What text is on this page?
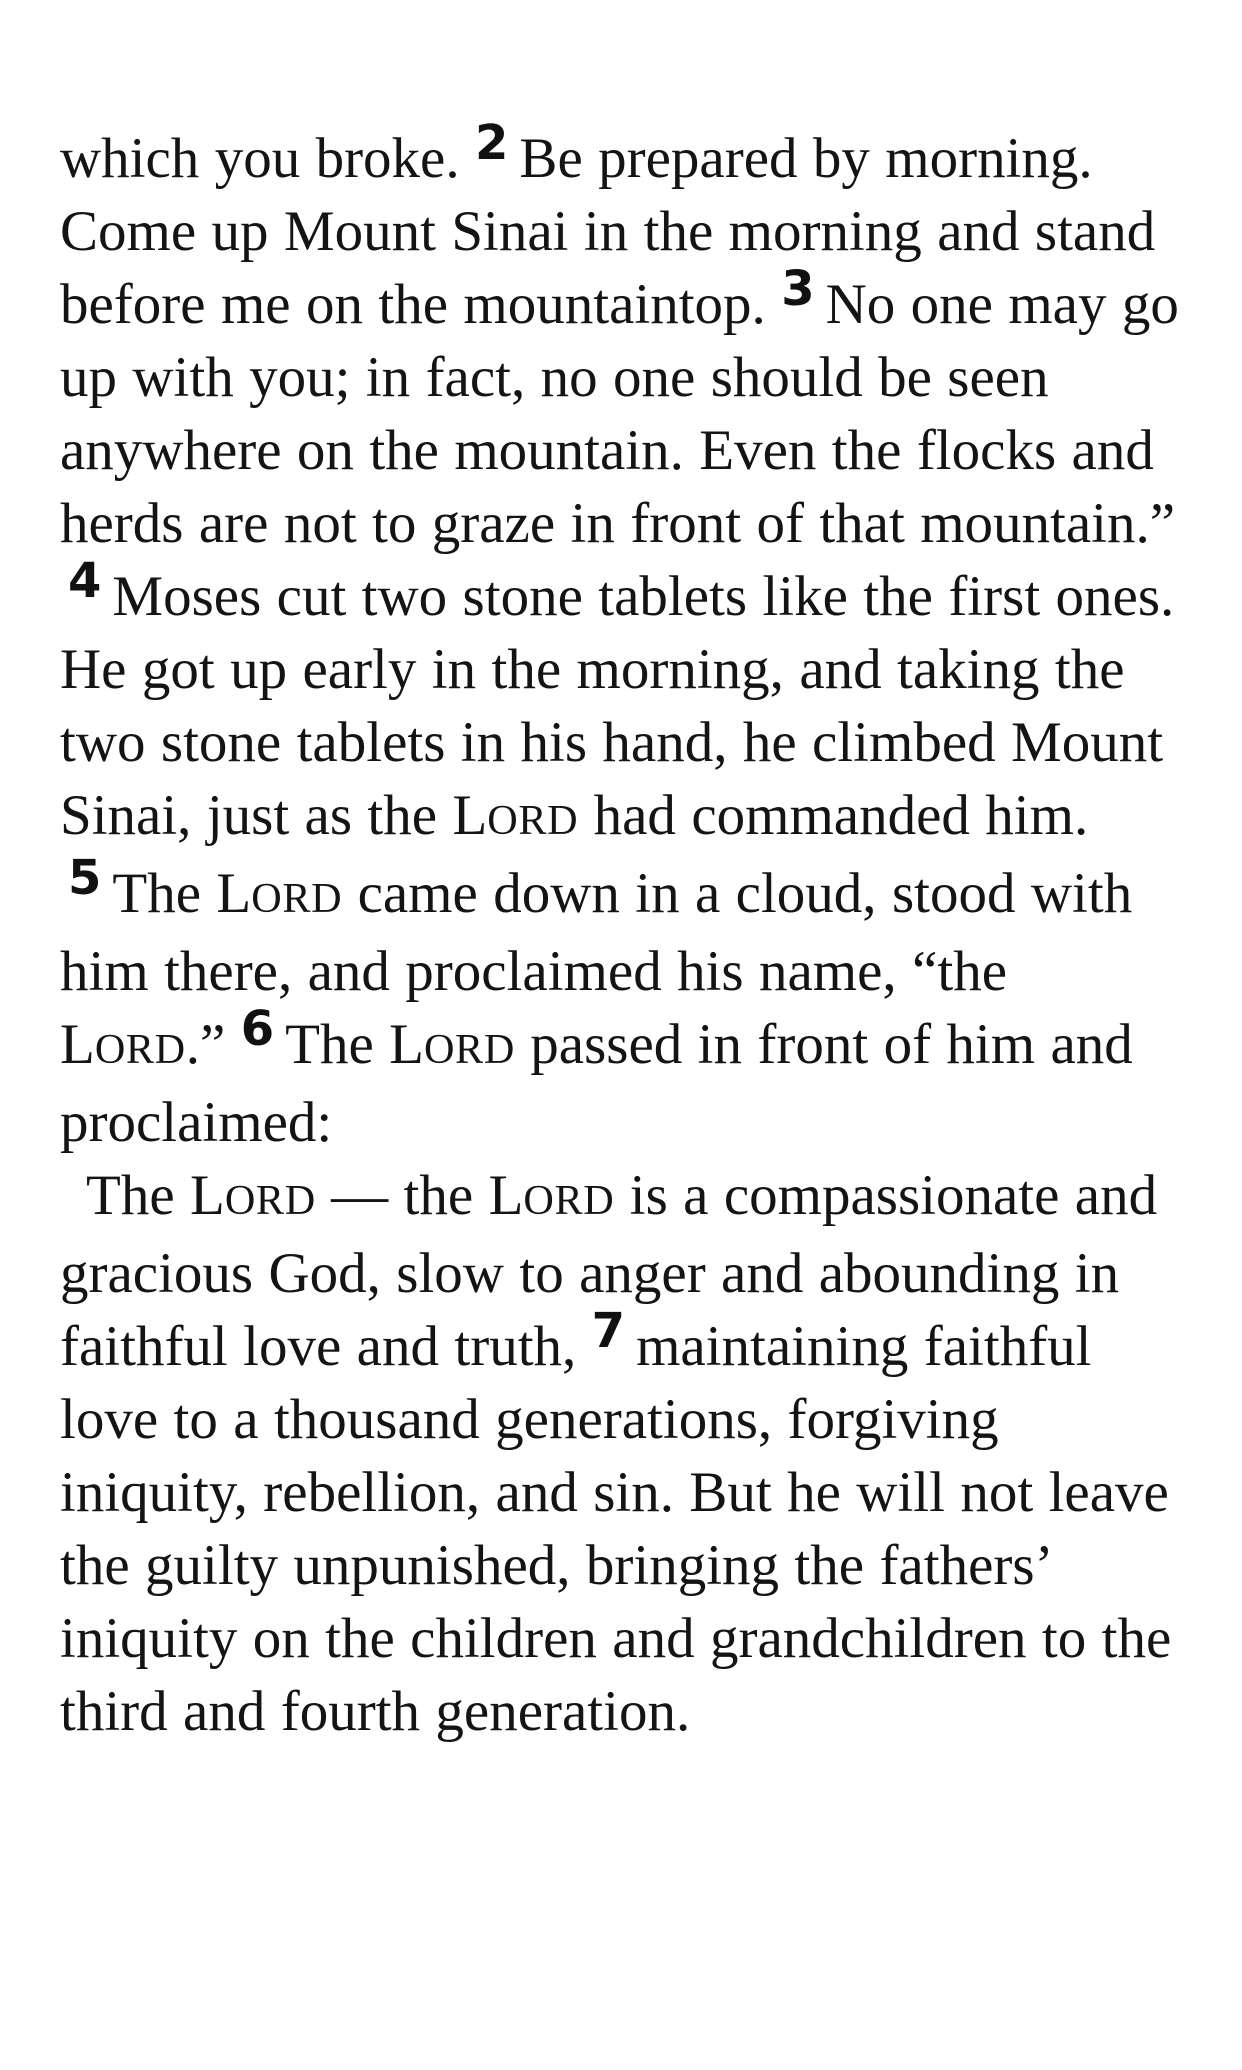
which you broke. $^2$ Be prepared by morning. Come up Mount Sinai in the morning and stand before me on the mountaintop. $^3$ No one may go up with you; in fact, no one should be seen anywhere on the mountain. Even the flocks and herds are not to graze in front of that mountain.”

$^4$ Moses cut two stone tablets like the first ones. He got up early in the morning, and taking the two stone tablets in his hand, he climbed Mount Sinai, just as the LORD had commanded him.

$^5$ The LORD came down in a cloud, stood with him there, and proclaimed his name, “the LORD.” $^6$ The LORD passed in front of him and proclaimed:

The LORD — the LORD is a compassionate and gracious God, slow to anger and abounding in faithful love and truth, $^7$ maintaining faithful love to a thousand generations, forgiving iniquity, rebellion, and sin. But he will not leave the guilty unpunished, bringing the fathers’ iniquity on the children and grandchildren to the third and fourth generation.
